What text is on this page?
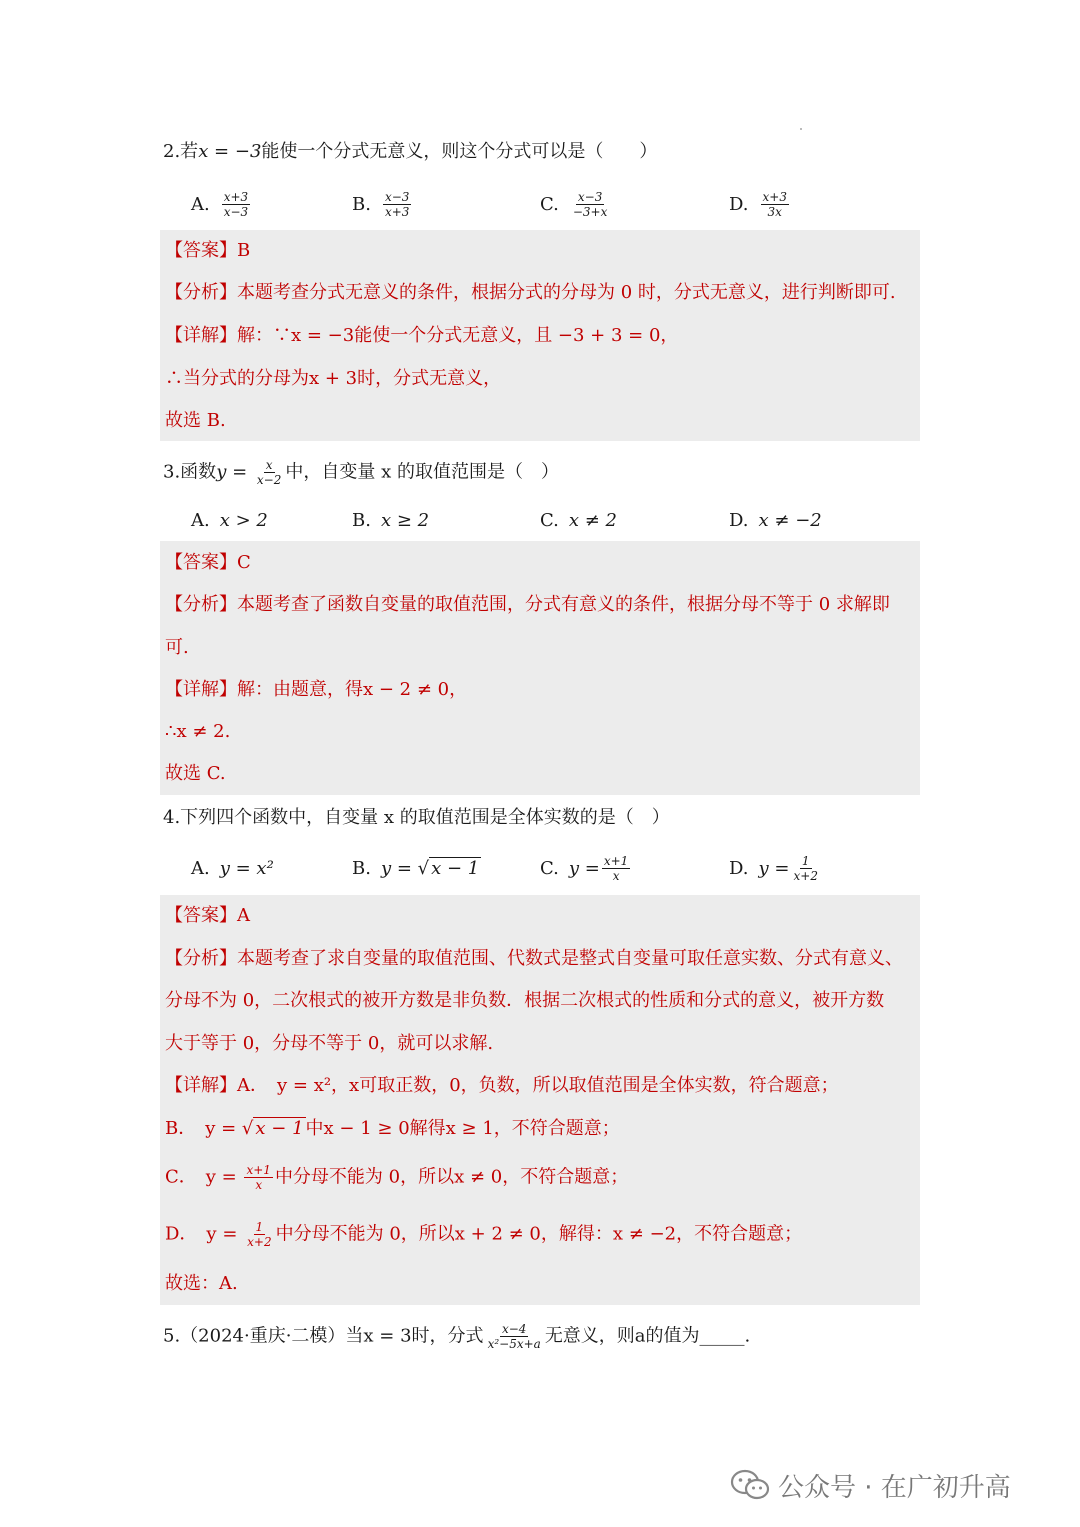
2.若x = −3能使一个分式无意义，则这个分式可以是（　　）
A. $\frac{x+3}{x-3}$	B. $\frac{x-3}{x+3}$	C. $\frac{x-3}{-3+x}$	D. $\frac{x+3}{3x}$
【答案】B
【分析】本题考查分式无意义的条件，根据分式的分母为 0 时，分式无意义，进行判断即可.
【详解】解：∵x = −3能使一个分式无意义，且 −3 + 3 = 0，
∴当分式的分母为x + 3时，分式无意义，
故选 B.
3.函数$y = \frac{x}{x-2}$ 中，自变量 x 的取值范围是（　）
A. x > 2	B. x ≥ 2	C. x ≠ 2	D. x ≠ −2
【答案】C
【分析】本题考查了函数自变量的取值范围，分式有意义的条件，根据分母不等于 0 求解即
可.
【详解】解：由题意，得x − 2 ≠ 0，
∴x ≠ 2.
故选 C.
4.下列四个函数中，自变量 x 的取值范围是全体实数的是（　）
A. y = x²	B. y = √ x − 1	C. $y = \frac{x+1}{x}$	D. $y = \frac{1}{x+2}$
【答案】A
【分析】本题考查了求自变量的取值范围、代数式是整式自变量可取任意实数、分式有意义、
分母不为 0，二次根式的被开方数是非负数．根据二次根式的性质和分式的意义，被开方数
大于等于 0，分母不等于 0，就可以求解.
【详解】A．　y = x²，x可取正数，0，负数，所以取值范围是全体实数，符合题意；
B．　y = √ x − 1 中x − 1 ≥ 0解得x ≥ 1，不符合题意；
C．　$y = \frac{x+1}{x}$ 中分母不能为 0，所以x ≠ 0，不符合题意；
D．　$y = \frac{1}{x+2}$ 中分母不能为 0，所以x + 2 ≠ 0，解得：x ≠ −2，不符合题意；
故选：A.
5.（2024·重庆·二模）当x = 3时，分式 $\frac{x-4}{\text{x²−5x+a}}$ 无意义，则a的值为_____.
公众号 · 在广初升高
